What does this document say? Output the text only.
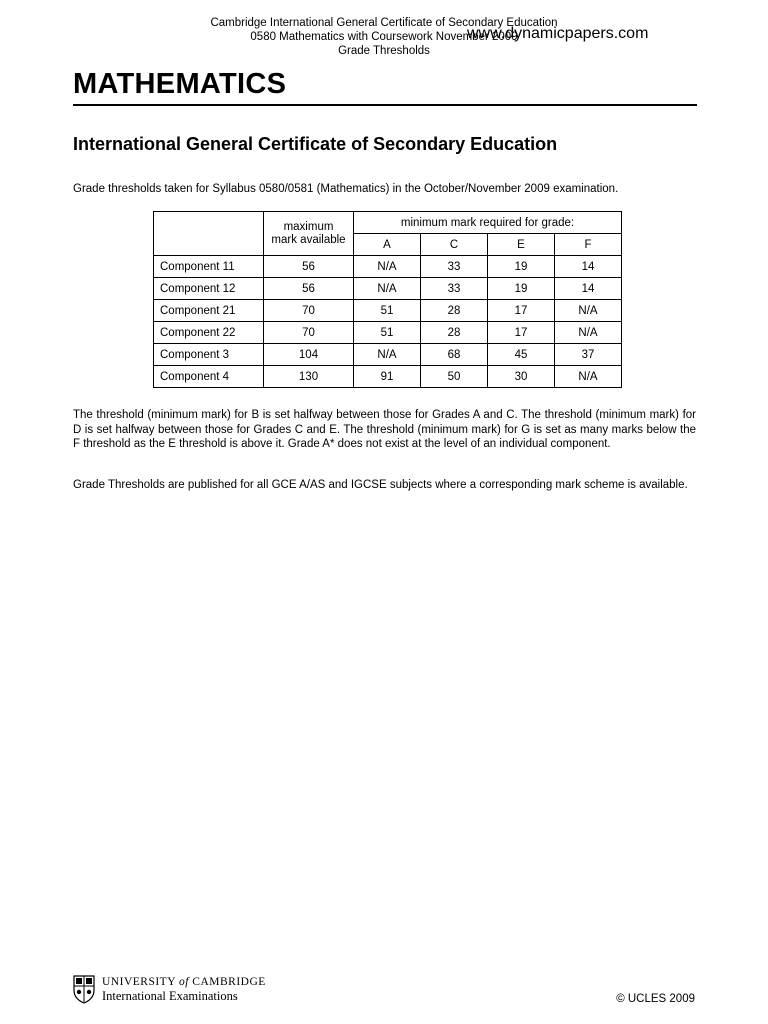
Cambridge International General Certificate of Secondary Education
0580 Mathematics with Coursework November 2009
Grade Thresholds
www.dynamicpapers.com
MATHEMATICS
International General Certificate of Secondary Education
Grade thresholds taken for Syllabus 0580/0581 (Mathematics) in the October/November 2009 examination.
	maximum mark available	minimum mark required for grade:			
		A	C	E	F
Component 11	56	N/A	33	19	14
Component 12	56	N/A	33	19	14
Component 21	70	51	28	17	N/A
Component 22	70	51	28	17	N/A
Component 3	104	N/A	68	45	37
Component 4	130	91	50	30	N/A
The threshold (minimum mark) for B is set halfway between those for Grades A and C. The threshold (minimum mark) for D is set halfway between those for Grades C and E. The threshold (minimum mark) for G is set as many marks below the F threshold as the E threshold is above it. Grade A* does not exist at the level of an individual component.
Grade Thresholds are published for all GCE A/AS and IGCSE subjects where a corresponding mark scheme is available.
UNIVERSITY of CAMBRIDGE
International Examinations	© UCLES 2009
